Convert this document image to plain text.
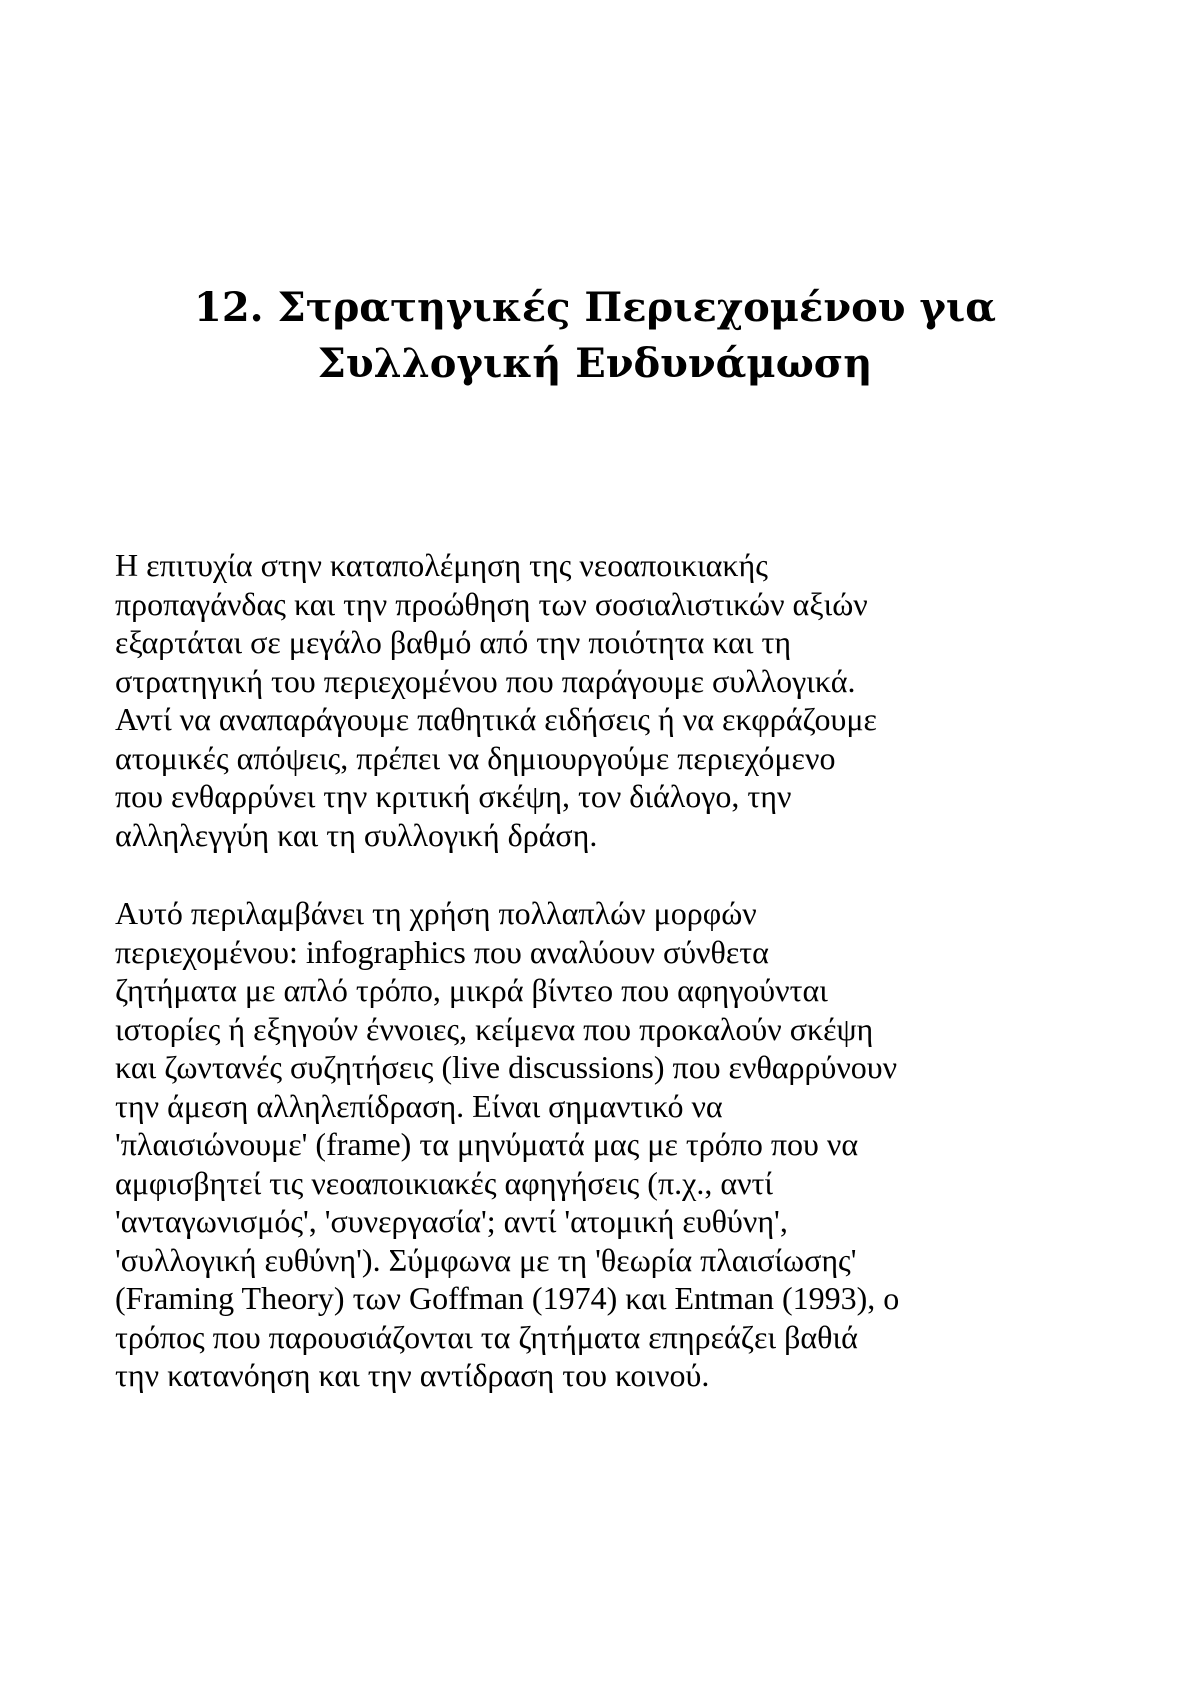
12. Στρατηγικές Περιεχομένου για
Συλλογική Ενδυνάμωση

Η επιτυχία στην καταπολέμηση της νεοαποικιακής
προπαγάνδας και την προώθηση των σοσιαλιστικών αξιών
εξαρτάται σε μεγάλο βαθμό από την ποιότητα και τη
στρατηγική του περιεχομένου που παράγουμε συλλογικά.
Αντί να αναπαράγουμε παθητικά ειδήσεις ή να εκφράζουμε
ατομικές απόψεις, πρέπει να δημιουργούμε περιεχόμενο
που ενθαρρύνει την κριτική σκέψη, τον διάλογο, την
αλληλεγγύη και τη συλλογική δράση.

Αυτό περιλαμβάνει τη χρήση πολλαπλών μορφών
περιεχομένου: infographics που αναλύουν σύνθετα
ζητήματα με απλό τρόπο, μικρά βίντεο που αφηγούνται
ιστορίες ή εξηγούν έννοιες, κείμενα που προκαλούν σκέψη
και ζωντανές συζητήσεις (live discussions) που ενθαρρύνουν
την άμεση αλληλεπίδραση. Είναι σημαντικό να
'πλαισιώνουμε' (frame) τα μηνύματά μας με τρόπο που να
αμφισβητεί τις νεοαποικιακές αφηγήσεις (π.χ., αντί
'ανταγωνισμός', 'συνεργασία'; αντί 'ατομική ευθύνη',
'συλλογική ευθύνη'). Σύμφωνα με τη 'θεωρία πλαισίωσης'
(Framing Theory) των Goffman (1974) και Entman (1993), ο
τρόπος που παρουσιάζονται τα ζητήματα επηρεάζει βαθιά
την κατανόηση και την αντίδραση του κοινού.
